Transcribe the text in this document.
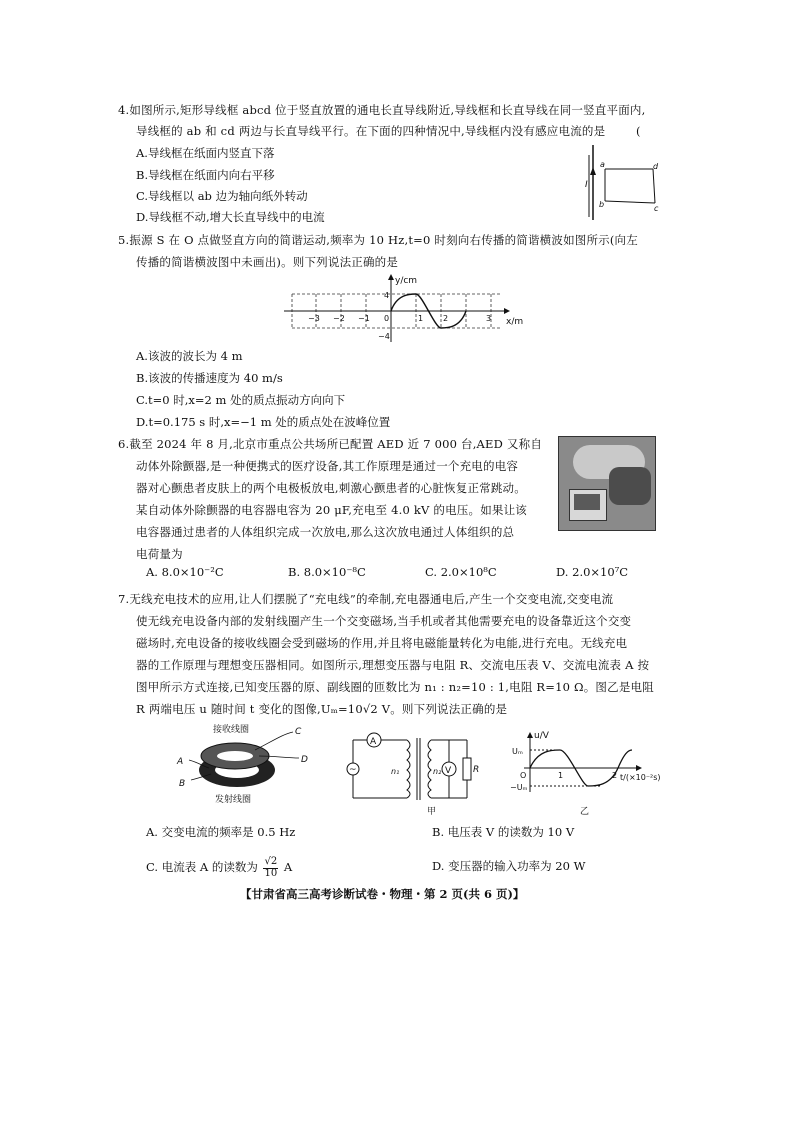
4.如图所示,矩形导线框 abcd 位于竖直放置的通电长直导线附近,导线框和长直导线在同一竖直平面内,
导线框的 ab 和 cd 两边与长直导线平行。在下面的四种情况中,导线框内没有感应电流的是	(
A.导线框在纸面内竖直下落
B.导线框在纸面内向右平移
C.导线框以 ab 边为轴向纸外转动
D.导线框不动,增大长直导线中的电流
I
a
b	c
d
5.振源 S 在 O 点做竖直方向的简谐运动,频率为 10 Hz,t=0 时刻向右传播的简谐横波如图所示(向左
传播的简谐横波图中未画出)。则下列说法正确的是
y/cm
x/m
4
−4
−3 −2 −1 0	1 2	3
A.该波的波长为 4 m
B.该波的传播速度为 40 m/s
C.t=0 时,x=2 m 处的质点振动方向向下
D.t=0.175 s 时,x=−1 m 处的质点处在波峰位置
6.截至 2024 年 8 月,北京市重点公共场所已配置 AED 近 7 000 台,AED 又称自
动体外除颤器,是一种便携式的医疗设备,其工作原理是通过一个充电的电容
器对心颤患者皮肤上的两个电极板放电,刺激心颤患者的心脏恢复正常跳动。
某自动体外除颤器的电容器电容为 20 μF,充电至 4.0 kV 的电压。如果让该
电容器通过患者的人体组织完成一次放电,那么这次放电通过人体组织的总
电荷量为
A. 8.0×10⁻²C	B. 8.0×10⁻⁸C	C. 2.0×10⁸C	D. 2.0×10⁷C
7.无线充电技术的应用,让人们摆脱了“充电线”的牵制,充电器通电后,产生一个交变电流,交变电流
使无线充电设备内部的发射线圈产生一个交变磁场,当手机或者其他需要充电的设备靠近这个交变
磁场时,充电设备的接收线圈会受到磁场的作用,并且将电磁能量转化为电能,进行充电。无线充电
器的工作原理与理想变压器相同。如图所示,理想变压器与电阻 R、交流电压表 V、交流电流表 A 按
图甲所示方式连接,已知变压器的原、副线圈的匝数比为 n₁ : n₂=10 : 1,电阻 R=10 Ω。图乙是电阻
R 两端电压 u 随时间 t 变化的图像,Uₘ=10√2 V。则下列说法正确的是
接收线圈
发射线圈
C
D
A
B
A
~	V R
n₁	n₂
甲
u/V
Uₘ
−Uₘ
O	1	2 t/(×10⁻²s)
乙
A. 交变电流的频率是 0.5 Hz	B. 电压表 V 的读数为 10 V
C. 电流表 A 的读数为 $\frac{√2}{10}$ A	D. 变压器的输入功率为 20 W
【甘肃省高三高考诊断试卷・物理・第 2 页(共 6 页)】
